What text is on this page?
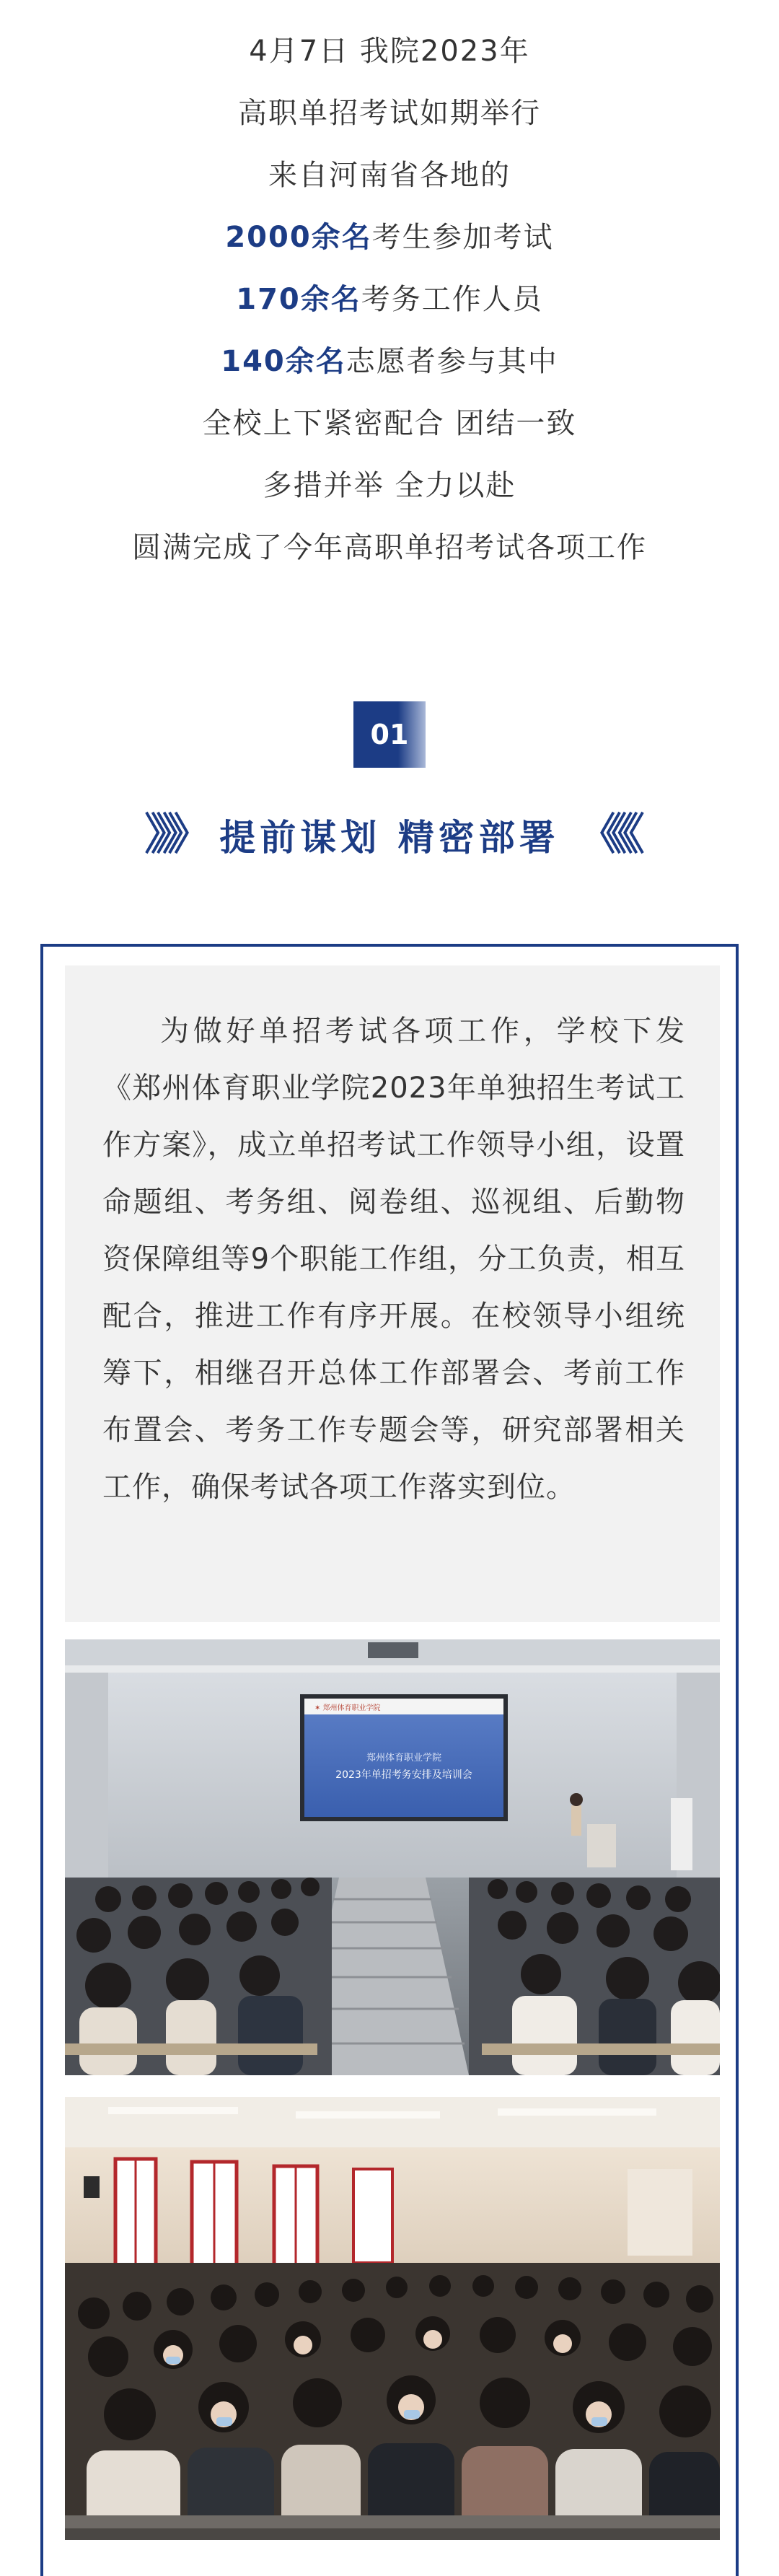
4月7日 我院2023年
高职单招考试如期举行
来自河南省各地的
2000余名考生参加考试
170余名考务工作人员
140余名志愿者参与其中
全校上下紧密配合 团结一致
多措并举 全力以赴
圆满完成了今年高职单招考试各项工作
01
》》》 提前谋划 精密部署 《《《

为做好单招考试各项工作，学校下发《郑州体育职业学院2023年单独招生考试工作方案》，成立单招考试工作领导小组，设置命题组、考务组、阅卷组、巡视组、后勤物资保障组等9个职能工作组，分工负责，相互配合，推进工作有序开展。在校领导小组统筹下，相继召开总体工作部署会、考前工作布置会、考务工作专题会等，研究部署相关工作，确保考试各项工作落实到位。

✶ 郑州体育职业学院
郑州体育职业学院
2023年单招考务安排及培训会
